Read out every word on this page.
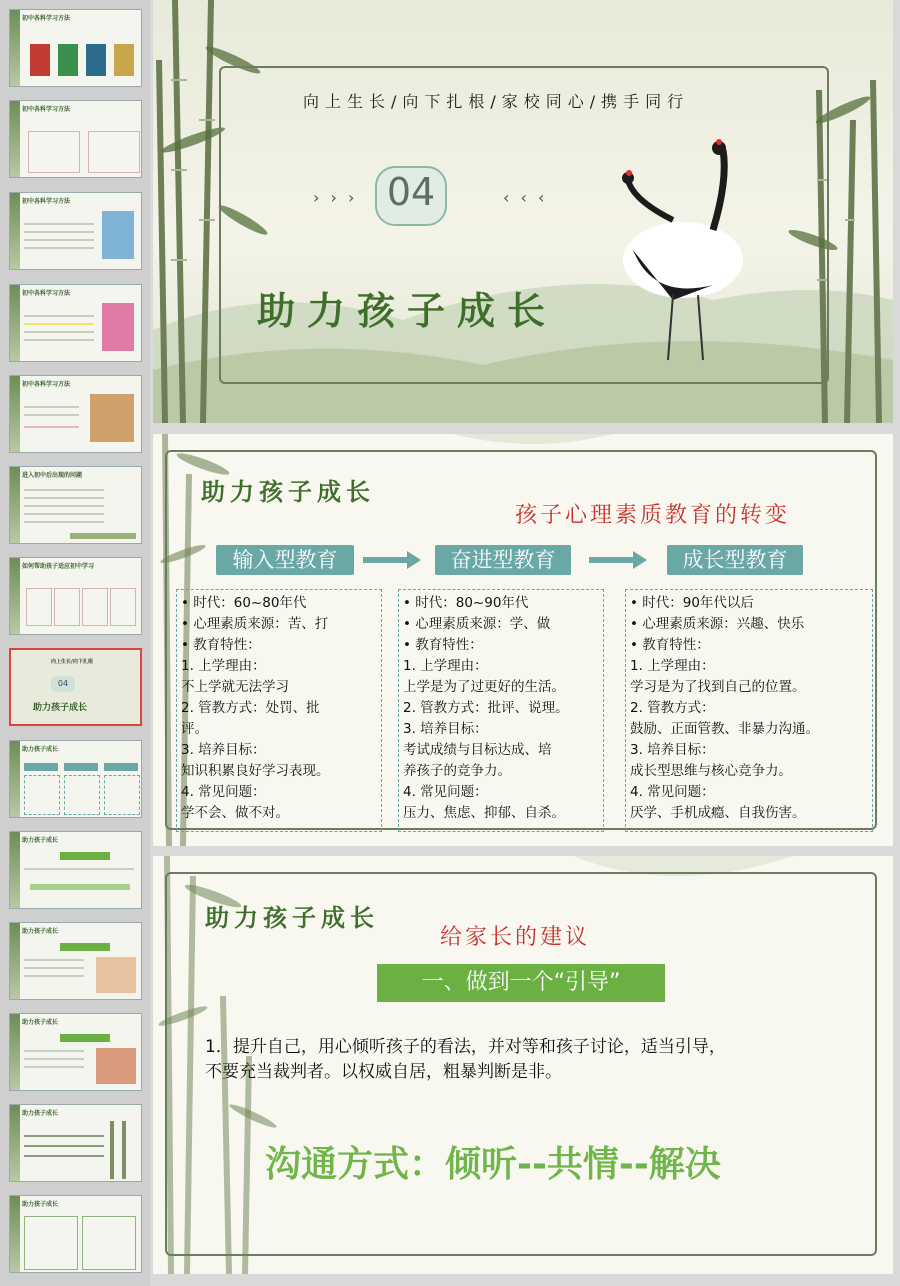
初中各科学习方法
初中各科学习方法
初中各科学习方法
初中各科学习方法
初中各科学习方法
进入初中后出现的问题
如何帮助孩子适应初中学习
向上生长/向下扎根
04
助力孩子成长
助力孩子成长
助力孩子成长
助力孩子成长
助力孩子成长
助力孩子成长
助力孩子成长
向上生长/向下扎根/家校同心/携手同行
› › › 04	‹ ‹ ‹
助力孩子成长
助力孩子成长
孩子心理素质教育的转变
输入型教育	奋进型教育	成长型教育
• 时代：60~80年代
• 心理素质来源：苦、打
• 教育特性：
1. 上学理由：
不上学就无法学习
2. 管教方式：处罚、批
评。
3. 培养目标：
知识积累良好学习表现。
4. 常见问题：
学不会、做不对。
• 时代：80~90年代
• 心理素质来源：学、做
• 教育特性：
1. 上学理由：
上学是为了过更好的生活。
2. 管教方式：批评、说理。
3. 培养目标：
考试成绩与目标达成、培
养孩子的竞争力。
4. 常见问题：
压力、焦虑、抑郁、自杀。
• 时代：90年代以后
• 心理素质来源：兴趣、快乐
• 教育特性：
1. 上学理由：
学习是为了找到自己的位置。
2. 管教方式：
鼓励、正面管教、非暴力沟通。
3. 培养目标：
成长型思维与核心竞争力。
4. 常见问题：
厌学、手机成瘾、自我伤害。
助力孩子成长
给家长的建议
一、做到一个“引导”
1．提升自己，用心倾听孩子的看法，并对等和孩子讨论，适当引导，
不要充当裁判者。以权威自居，粗暴判断是非。
沟通方式：倾听--共情--解决
